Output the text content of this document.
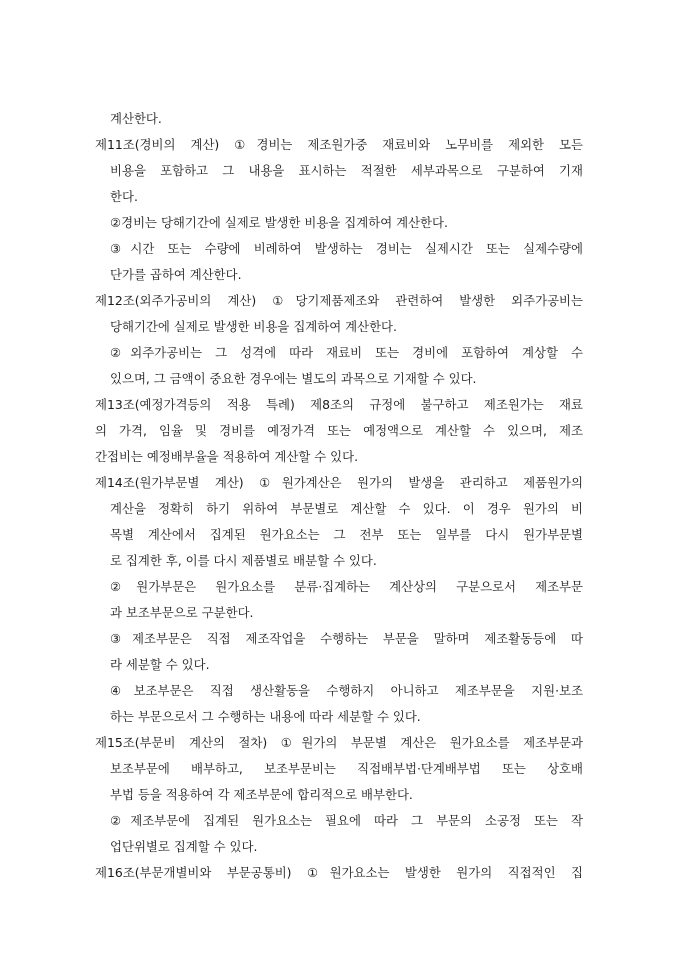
계산한다.
제11조(경비의 계산) ①경비는 제조원가중 재료비와 노무비를 제외한 모든
비용을 포함하고 그 내용을 표시하는 적절한 세부과목으로 구분하여 기재
한다.
②경비는 당해기간에 실제로 발생한 비용을 집계하여 계산한다.
③시간 또는 수량에 비례하여 발생하는 경비는 실제시간 또는 실제수량에
단가를 곱하여 계산한다.
제12조(외주가공비의 계산) ①당기제품제조와 관련하여 발생한 외주가공비는
당해기간에 실제로 발생한 비용을 집계하여 계산한다.
②외주가공비는 그 성격에 따라 재료비 또는 경비에 포함하여 계상할 수
있으며, 그 금액이 중요한 경우에는 별도의 과목으로 기재할 수 있다.
제13조(예정가격등의 적용 특례) 제8조의 규정에 불구하고 제조원가는 재료
의 가격, 임율 및 경비를 예정가격 또는 예정액으로 계산할 수 있으며, 제조
간접비는 예정배부율을 적용하여 계산할 수 있다.
제14조(원가부문별 계산) ①원가계산은 원가의 발생을 관리하고 제품원가의
계산을 정확히 하기 위하여 부문별로 계산할 수 있다. 이 경우 원가의 비
목별 계산에서 집계된 원가요소는 그 전부 또는 일부를 다시 원가부문별
로 집계한 후, 이를 다시 제품별로 배분할 수 있다.
②원가부문은 원가요소를 분류·집계하는 계산상의 구분으로서 제조부문
과 보조부문으로 구분한다.
③제조부문은 직접 제조작업을 수행하는 부문을 말하며 제조활동등에 따
라 세분할 수 있다.
④보조부문은 직접 생산활동을 수행하지 아니하고 제조부문을 지원·보조
하는 부문으로서 그 수행하는 내용에 따라 세분할 수 있다.
제15조(부문비 계산의 절차) ①원가의 부문별 계산은 원가요소를 제조부문과
보조부문에 배부하고, 보조부문비는 직접배부법·단계배부법 또는 상호배
부법 등을 적용하여 각 제조부문에 합리적으로 배부한다.
②제조부문에 집계된 원가요소는 필요에 따라 그 부문의 소공정 또는 작
업단위별로 집계할 수 있다.
제16조(부문개별비와 부문공통비) ①원가요소는 발생한 원가의 직접적인 집
